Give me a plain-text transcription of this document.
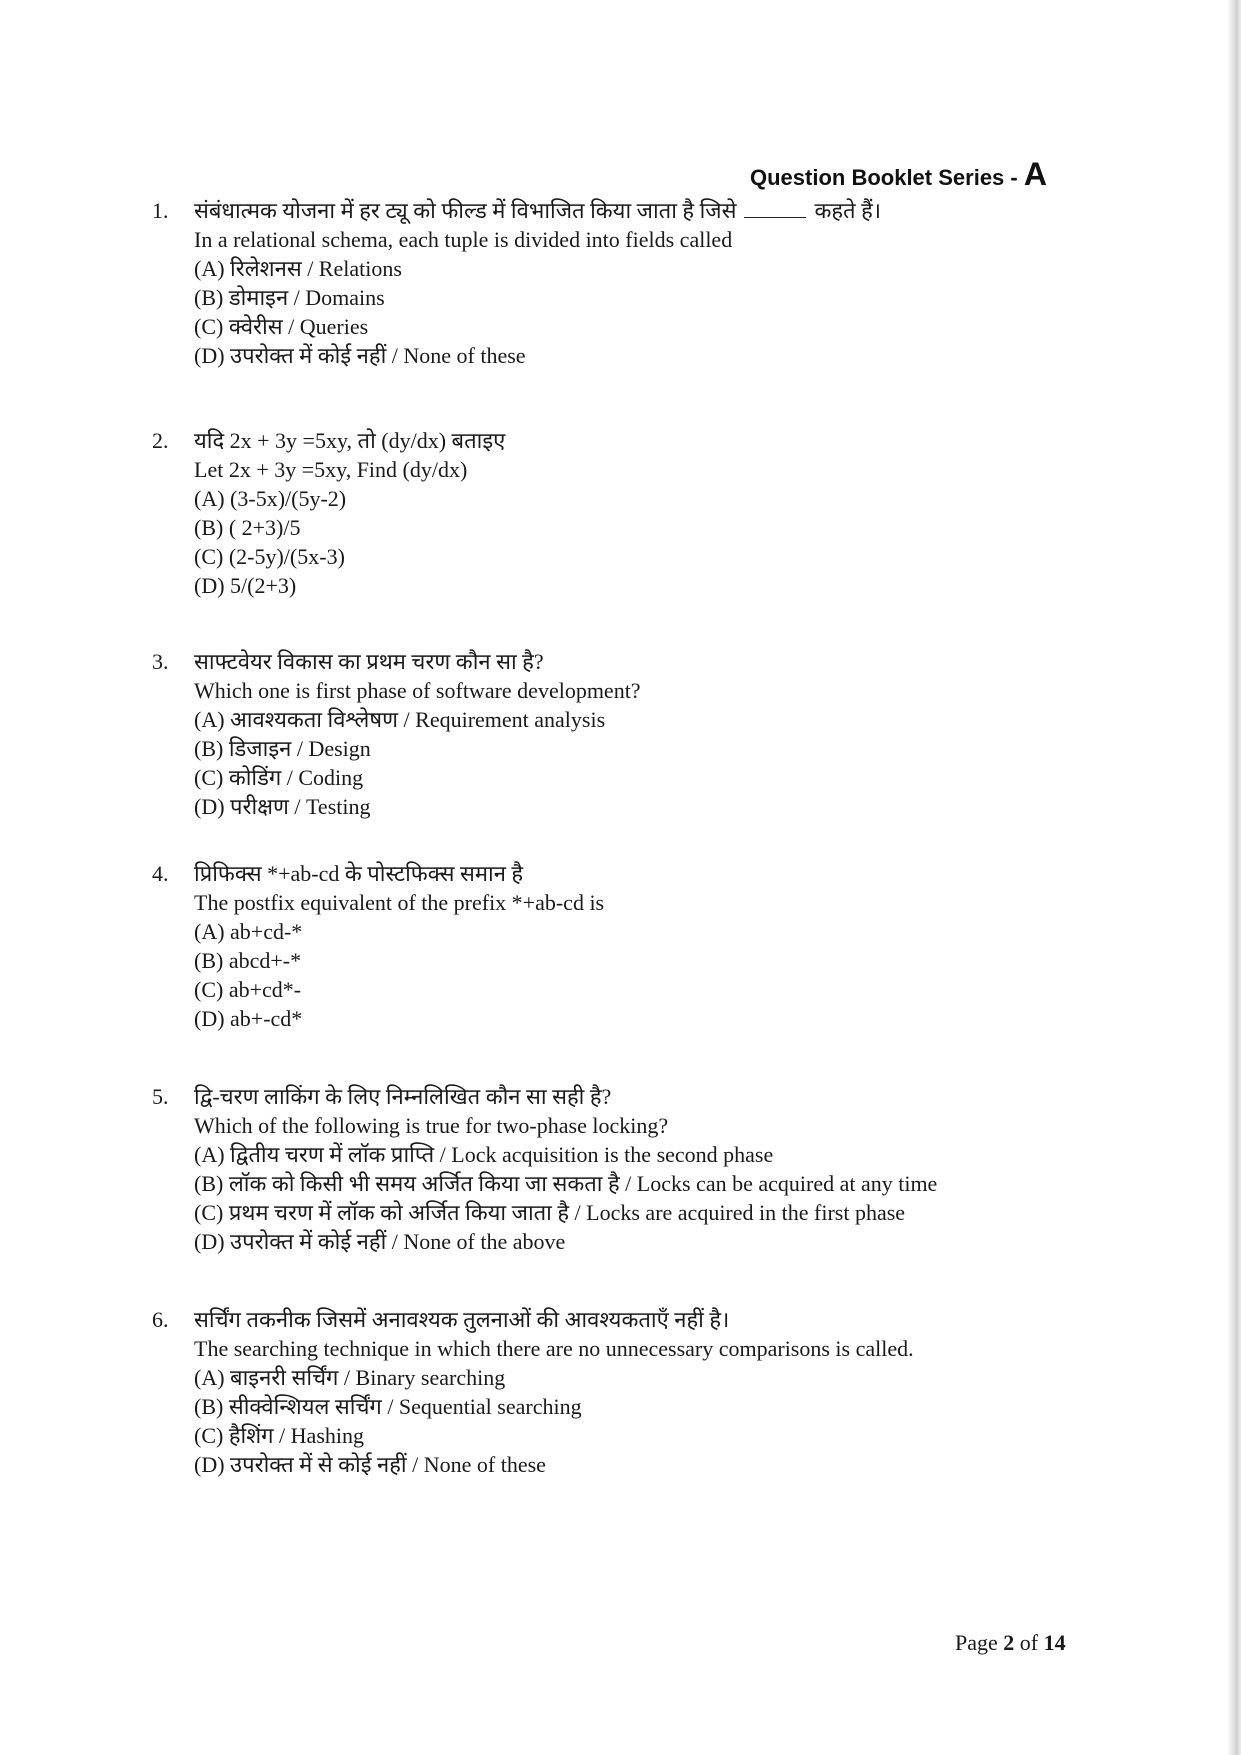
Question Booklet Series - A
1.	संबंधात्मक योजना में हर ट्यू को फील्ड में विभाजित किया जाता है जिसे	कहते हैं।
In a relational schema, each tuple is divided into fields called
(A) रिलेशनस / Relations
(B) डोमाइन / Domains
(C) क्वेरीस / Queries
(D) उपरोक्त में कोई नहीं / None of these
2.	यदि 2x + 3y =5xy, तो (dy/dx) बताइए
Let 2x + 3y =5xy, Find (dy/dx)
(A) (3-5x)/(5y-2)
(B) ( 2+3)/5
(C) (2-5y)/(5x-3)
(D) 5/(2+3)
3.	साफ्टवेयर विकास का प्रथम चरण कौन सा है?
Which one is first phase of software development?
(A) आवश्यकता विश्लेषण / Requirement analysis
(B) डिजाइन / Design
(C) कोडिंग / Coding
(D) परीक्षण / Testing
4.	प्रिफिक्स *+ab-cd के पोस्टफिक्स समान है
The postfix equivalent of the prefix *+ab-cd is
(A) ab+cd-*
(B) abcd+-*
(C) ab+cd*-
(D) ab+-cd*
5.	द्वि-चरण लाकिंग के लिए निम्नलिखित कौन सा सही है?
Which of the following is true for two-phase locking?
(A) द्वितीय चरण में लॉक प्राप्ति / Lock acquisition is the second phase
(B) लॉक को किसी भी समय अर्जित किया जा सकता है / Locks can be acquired at any time
(C) प्रथम चरण में लॉक को अर्जित किया जाता है / Locks are acquired in the first phase
(D) उपरोक्त में कोई नहीं / None of the above
6.	सर्चिंग तकनीक जिसमें अनावश्यक तुलनाओं की आवश्यकताएँ नहीं है।
The searching technique in which there are no unnecessary comparisons is called.
(A) बाइनरी सर्चिंग / Binary searching
(B) सीक्वेन्शियल सर्चिंग / Sequential searching
(C) हैशिंग / Hashing
(D) उपरोक्त में से कोई नहीं / None of these
Page 2 of 14
